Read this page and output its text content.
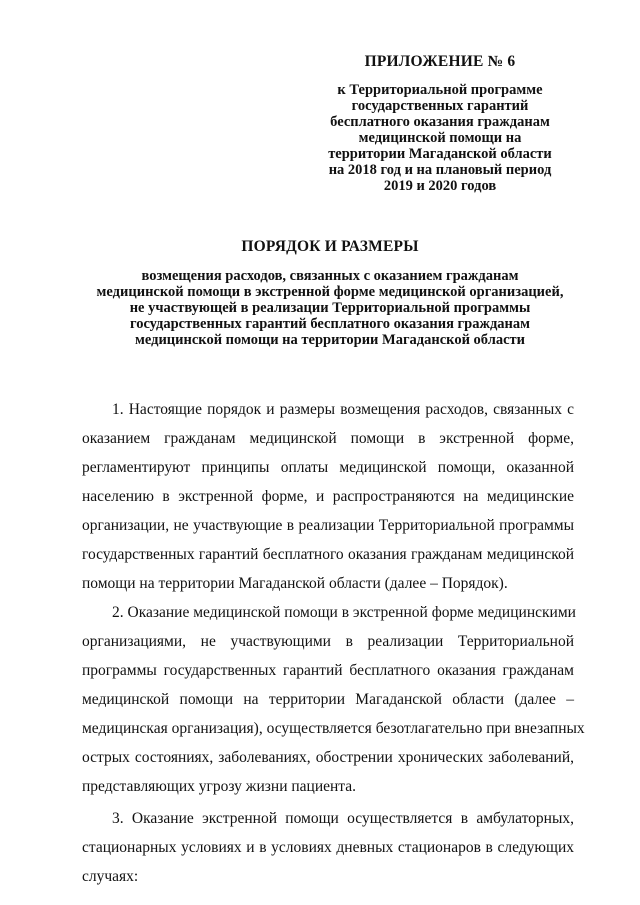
ПРИЛОЖЕНИЕ № 6
к Территориальной программе
государственных гарантий
бесплатного оказания гражданам
медицинской помощи на
территории Магаданской области
на 2018 год и на плановый период
2019 и 2020 годов
ПОРЯДОК И РАЗМЕРЫ
возмещения расходов, связанных с оказанием гражданам
медицинской помощи в экстренной форме медицинской организацией,
не участвующей в реализации Территориальной программы
государственных гарантий бесплатного оказания гражданам
медицинской помощи на территории Магаданской области
1. Настоящие порядок и размеры возмещения расходов, связанных с
оказанием гражданам медицинской помощи в экстренной форме,
регламентируют принципы оплаты медицинской помощи, оказанной
населению в экстренной форме, и распространяются на медицинские
организации, не участвующие в реализации Территориальной программы
государственных гарантий бесплатного оказания гражданам медицинской
помощи на территории Магаданской области (далее – Порядок).
2. Оказание медицинской помощи в экстренной форме медицинскими
организациями, не участвующими в реализации Территориальной
программы государственных гарантий бесплатного оказания гражданам
медицинской помощи на территории Магаданской области (далее –
медицинская организация), осуществляется безотлагательно при внезапных
острых состояниях, заболеваниях, обострении хронических заболеваний,
представляющих угрозу жизни пациента.
3. Оказание экстренной помощи осуществляется в амбулаторных,
стационарных условиях и в условиях дневных стационаров в следующих
случаях:
